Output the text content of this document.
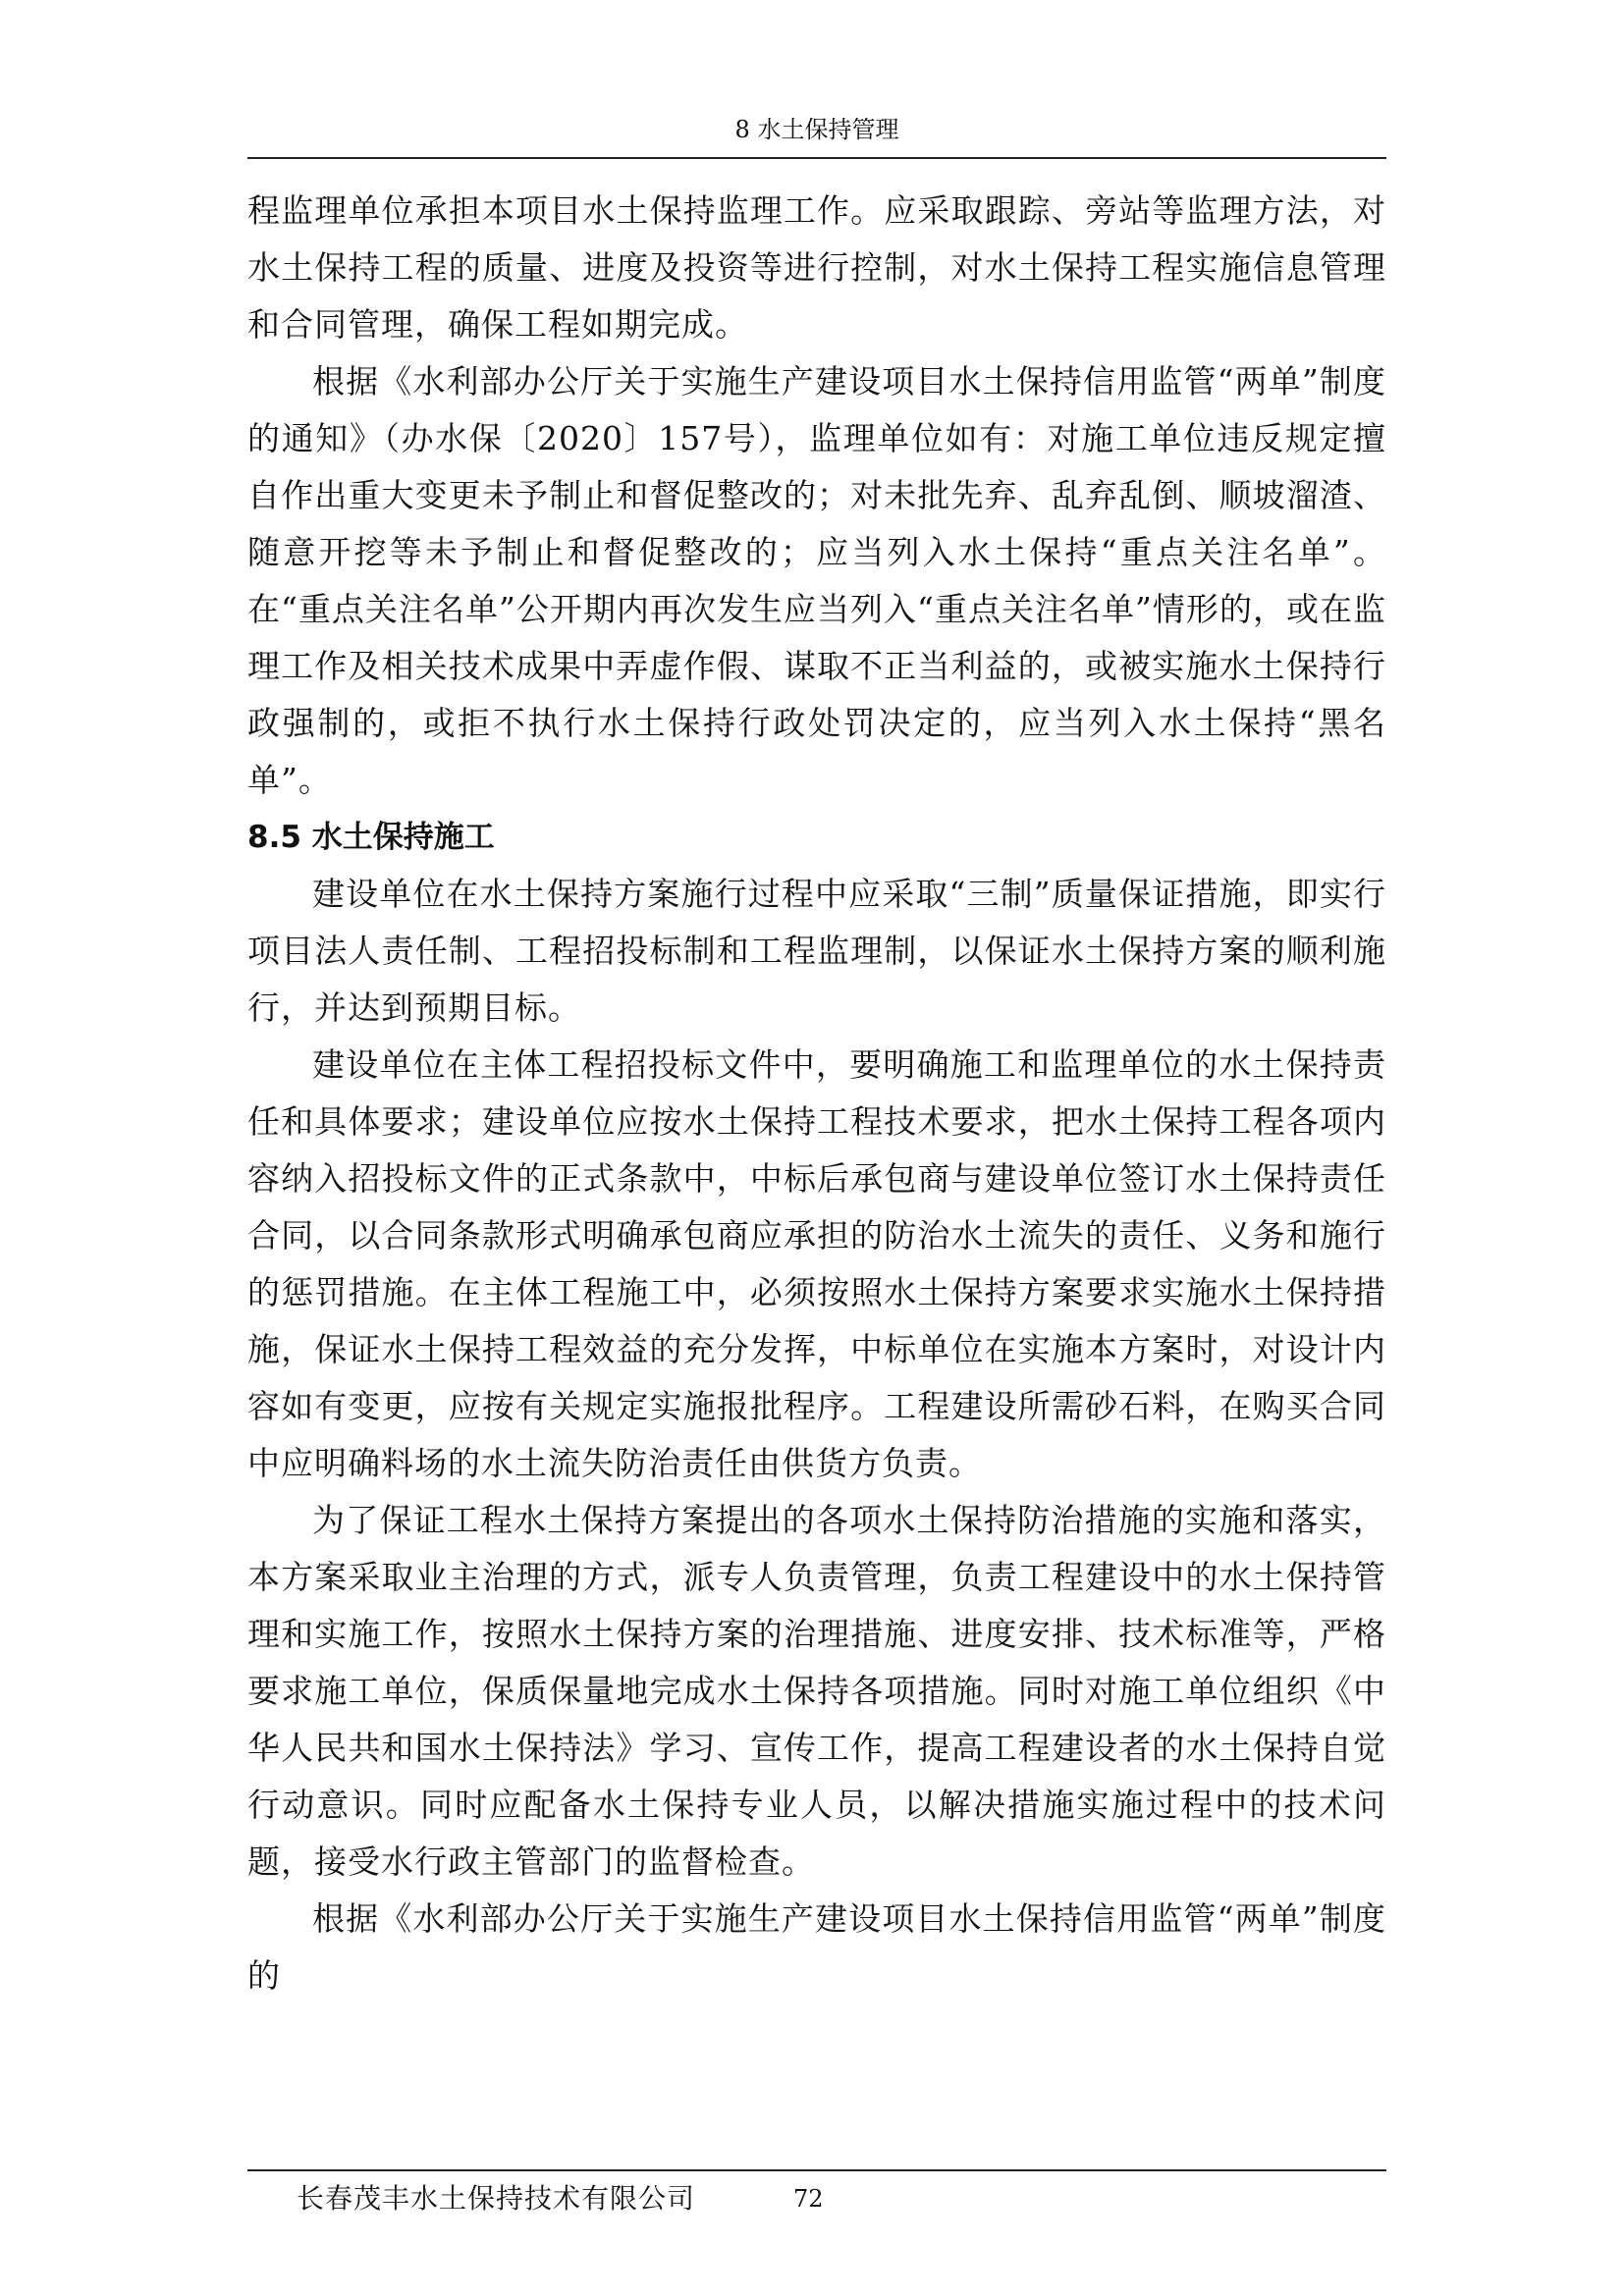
8 水土保持管理

程监理单位承担本项目水土保持监理工作。应采取跟踪、旁站等监理方法，对水土保持工程的质量、进度及投资等进行控制，对水土保持工程实施信息管理和合同管理，确保工程如期完成。

根据《水利部办公厅关于实施生产建设项目水土保持信用监管“两单”制度的通知》（办水保〔2020〕157号），监理单位如有：对施工单位违反规定擅自作出重大变更未予制止和督促整改的；对未批先弃、乱弃乱倒、顺坡溜渣、随意开挖等未予制止和督促整改的；应当列入水土保持“重点关注名单”。在“重点关注名单”公开期内再次发生应当列入“重点关注名单”情形的，或在监理工作及相关技术成果中弄虚作假、谋取不正当利益的，或被实施水土保持行政强制的，或拒不执行水土保持行政处罚决定的，应当列入水土保持“黑名单”。

8.5 水土保持施工

建设单位在水土保持方案施行过程中应采取“三制”质量保证措施，即实行项目法人责任制、工程招投标制和工程监理制，以保证水土保持方案的顺利施行，并达到预期目标。

建设单位在主体工程招投标文件中，要明确施工和监理单位的水土保持责任和具体要求；建设单位应按水土保持工程技术要求，把水土保持工程各项内容纳入招投标文件的正式条款中，中标后承包商与建设单位签订水土保持责任合同，以合同条款形式明确承包商应承担的防治水土流失的责任、义务和施行的惩罚措施。在主体工程施工中，必须按照水土保持方案要求实施水土保持措施，保证水土保持工程效益的充分发挥，中标单位在实施本方案时，对设计内容如有变更，应按有关规定实施报批程序。工程建设所需砂石料，在购买合同中应明确料场的水土流失防治责任由供货方负责。

为了保证工程水土保持方案提出的各项水土保持防治措施的实施和落实，本方案采取业主治理的方式，派专人负责管理，负责工程建设中的水土保持管理和实施工作，按照水土保持方案的治理措施、进度安排、技术标准等，严格要求施工单位，保质保量地完成水土保持各项措施。同时对施工单位组织《中华人民共和国水土保持法》学习、宣传工作，提高工程建设者的水土保持自觉行动意识。同时应配备水土保持专业人员，以解决措施实施过程中的技术问题，接受水行政主管部门的监督检查。

根据《水利部办公厅关于实施生产建设项目水土保持信用监管“两单”制度的

长春茂丰水土保持技术有限公司	72
